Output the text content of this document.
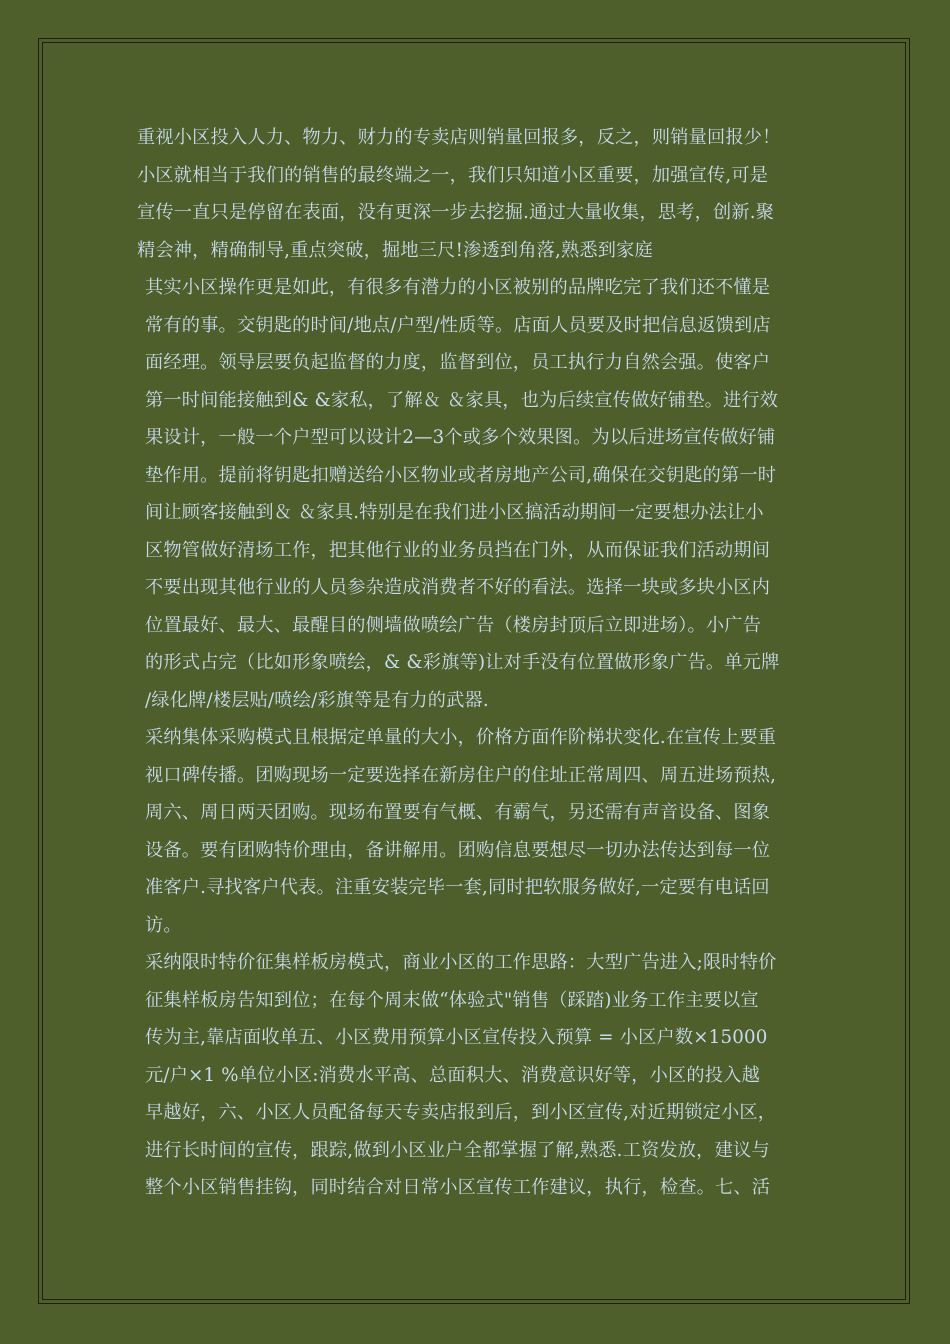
重视小区投入人力、物力、财力的专卖店则销量回报多，反之，则销量回报少！
小区就相当于我们的销售的最终端之一，我们只知道小区重要，加强宣传,可是
宣传一直只是停留在表面，没有更深一步去挖掘.通过大量收集，思考，创新.聚
精会神，精确制导,重点突破，掘地三尺!渗透到角落,熟悉到家庭
其实小区操作更是如此，有很多有潜力的小区被别的品牌吃完了我们还不懂是
常有的事。交钥匙的时间/地点/户型/性质等。店面人员要及时把信息返馈到店
面经理。领导层要负起监督的力度，监督到位，员工执行力自然会强。使客户
第一时间能接触到& &家私，了解＆ ＆家具，也为后续宣传做好铺垫。进行效
果设计，一般一个户型可以设计2—3个或多个效果图。为以后进场宣传做好铺
垫作用。提前将钥匙扣赠送给小区物业或者房地产公司,确保在交钥匙的第一时
间让顾客接触到＆ ＆家具.特别是在我们进小区搞活动期间一定要想办法让小
区物管做好清场工作，把其他行业的业务员挡在门外，从而保证我们活动期间
不要出现其他行业的人员参杂造成消费者不好的看法。选择一块或多块小区内
位置最好、最大、最醒目的侧墙做喷绘广告（楼房封顶后立即进场）。小广告
的形式占完（比如形象喷绘，& &彩旗等)让对手没有位置做形象广告。单元牌
/绿化牌/楼层贴/喷绘/彩旗等是有力的武器.
采纳集体采购模式且根据定单量的大小，价格方面作阶梯状变化.在宣传上要重
视口碑传播。团购现场一定要选择在新房住户的住址正常周四、周五进场预热,
周六、周日两天团购。现场布置要有气概、有霸气，另还需有声音设备、图象
设备。要有团购特价理由，备讲解用。团购信息要想尽一切办法传达到每一位
准客户.寻找客户代表。注重安装完毕一套,同时把软服务做好,一定要有电话回
访。
采纳限时特价征集样板房模式，商业小区的工作思路：大型广告进入;限时特价
征集样板房告知到位；在每个周末做“体验式"销售（踩踏)业务工作主要以宣
传为主,靠店面收单五、小区费用预算小区宣传投入预算 = 小区户数×15000
元/户×1 %单位小区:消费水平高、总面积大、消费意识好等，小区的投入越
早越好，六、小区人员配备每天专卖店报到后，到小区宣传,对近期锁定小区，
进行长时间的宣传，跟踪,做到小区业户全都掌握了解,熟悉.工资发放，建议与
整个小区销售挂钩，同时结合对日常小区宣传工作建议，执行，检查。七、活
